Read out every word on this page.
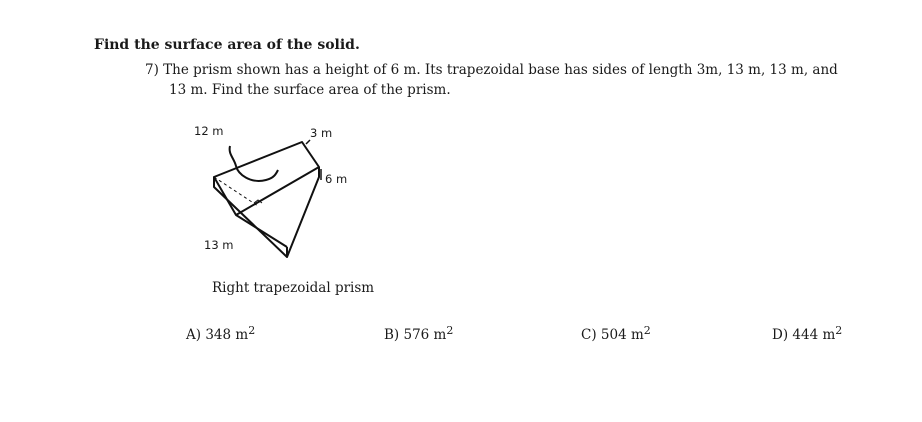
Find the surface area of the solid.
7) The prism shown has a height of 6 m. Its trapezoidal base has sides of length 3m, 13 m, 13 m, and
13 m. Find the surface area of the prism.
12 m	3 m
6 m
13 m
Right trapezoidal prism
A) 348 $m^2$	B) 576 $m^2$	C) 504 $m^2$	D) 444 $m^2$
